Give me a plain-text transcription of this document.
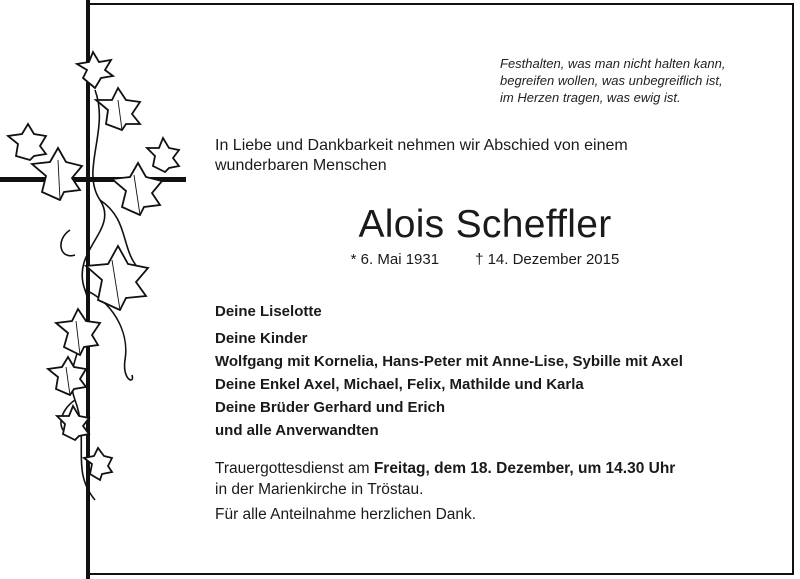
Festhalten, was man nicht halten kann,
begreifen wollen, was unbegreiflich ist,
im Herzen tragen, was ewig ist.
In Liebe und Dankbarkeit nehmen wir Abschied von einem
wunderbaren Menschen
Alois Scheffler
* 6. Mai 1931 † 14. Dezember 2015
Deine Liselotte
Deine Kinder
Wolfgang mit Kornelia, Hans-Peter mit Anne-Lise, Sybille mit Axel
Deine Enkel Axel, Michael, Felix, Mathilde und Karla
Deine Brüder Gerhard und Erich
und alle Anverwandten
Trauergottesdienst am Freitag, dem 18. Dezember, um 14.30 Uhr
in der Marienkirche in Tröstau.
Für alle Anteilnahme herzlichen Dank.
